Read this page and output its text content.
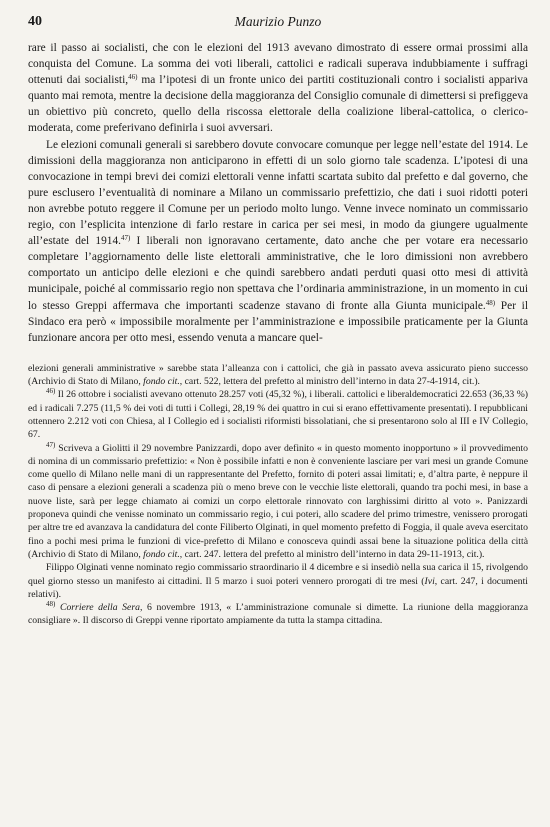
40	Maurizio Punzo

rare il passo ai socialisti, che con le elezioni del 1913 avevano dimostrato di essere ormai prossimi alla conquista del Comune. La somma dei voti liberali, cattolici e radicali superava indubbiamente i suffragi ottenuti dai socialisti,$^{46)}$ ma l’ipotesi di un fronte unico dei partiti costituzionali contro i socialisti appariva quanto mai remota, mentre la decisione della maggioranza del Consiglio comunale di dimettersi si prefiggeva un obiettivo più concreto, quello della riscossa elettorale della coalizione liberal-cattolica, o clerico-moderata, come preferivano definirla i suoi avversari.

Le elezioni comunali generali si sarebbero dovute convocare comunque per legge nell’estate del 1914. Le dimissioni della maggioranza non anticiparono in effetti di un solo giorno tale scadenza. L’ipotesi di una convocazione in tempi brevi dei comizi elettorali venne infatti scartata subito dal prefetto e dal governo, che pure esclusero l’eventualità di nominare a Milano un commissario prefettizio, che dati i suoi ridotti poteri non avrebbe potuto reggere il Comune per un periodo molto lungo. Venne invece nominato un commissario regio, con l’esplicita intenzione di farlo restare in carica per sei mesi, in modo da giungere ugualmente all’estate del 1914.$^{47)}$ I liberali non ignoravano certamente, dato anche che per votare era necessario completare l’aggiornamento delle liste elettorali amministrative, che le loro dimissioni non avrebbero comportato un anticipo delle elezioni e che quindi sarebbero andati perduti quasi otto mesi di attività municipale, poiché al commissario regio non spettava che l’ordinaria amministrazione, in un momento in cui lo stesso Greppi affermava che importanti scadenze stavano di fronte alla Giunta municipale.$^{48)}$ Per il Sindaco era però « impossibile moralmente per l’amministrazione e impossibile praticamente per la Giunta funzionare ancora per otto mesi, essendo venuta a mancare quel-

elezioni generali amministrative » sarebbe stata l’alleanza con i cattolici, che già in passato aveva assicurato pieno successo (Archivio di Stato di Milano, fondo cit., cart. 522, lettera del prefetto al ministro dell’interno in data 27-4-1914, cit.).

$^{46)}$ Il 26 ottobre i socialisti avevano ottenuto 28.257 voti (45,32 %), i liberali. cattolici e liberaldemocratici 22.653 (36,33 %) ed i radicali 7.275 (11,5 % dei voti di tutti i Collegi, 28,19 % dei quattro in cui si erano effettivamente presentati). I repubblicani ottennero 2.212 voti con Chiesa, al I Collegio ed i socialisti riformisti bissolatiani, che si presentarono solo al III e IV Collegio, 67.

$^{47)}$ Scriveva a Giolitti il 29 novembre Panizzardi, dopo aver definito « in questo momento inopportuno » il provvedimento di nomina di un commissario prefettizio: « Non è possibile infatti e non è conveniente lasciare per vari mesi un grande Comune come quello di Milano nelle mani di un rappresentante del Prefetto, fornito di poteri assai limitati; e, d’altra parte, è neppure il caso di pensare a elezioni generali a scadenza più o meno breve con le vecchie liste elettorali, quando tra pochi mesi, in base a nuove liste, sarà per legge chiamato ai comizi un corpo elettorale rinnovato con larghissimi diritto al voto ». Panizzardi proponeva quindi che venisse nominato un commissario regio, i cui poteri, allo scadere del primo trimestre, venissero prorogati per altre tre ed avanzava la candidatura del conte Filiberto Olginati, in quel momento prefetto di Foggia, il quale aveva esercitato fino a pochi mesi prima le funzioni di vice-prefetto di Milano e conosceva quindi assai bene la situazione politica della città (Archivio di Stato di Milano, fondo cit., cart. 247. lettera del prefetto al ministro dell’interno in data 29-11-1913, cit.).

Filippo Olginati venne nominato regio commissario straordinario il 4 dicembre e si insediò nella sua carica il 15, rivolgendo quel giorno stesso un manifesto ai cittadini. Il 5 marzo i suoi poteri vennero prorogati di tre mesi (Ivi, cart. 247, i documenti relativi).

$^{48)}$ Corriere della Sera, 6 novembre 1913, « L’amministrazione comunale si dimette. La riunione della maggioranza consigliare ». Il discorso di Greppi venne riportato ampiamente da tutta la stampa cittadina.
